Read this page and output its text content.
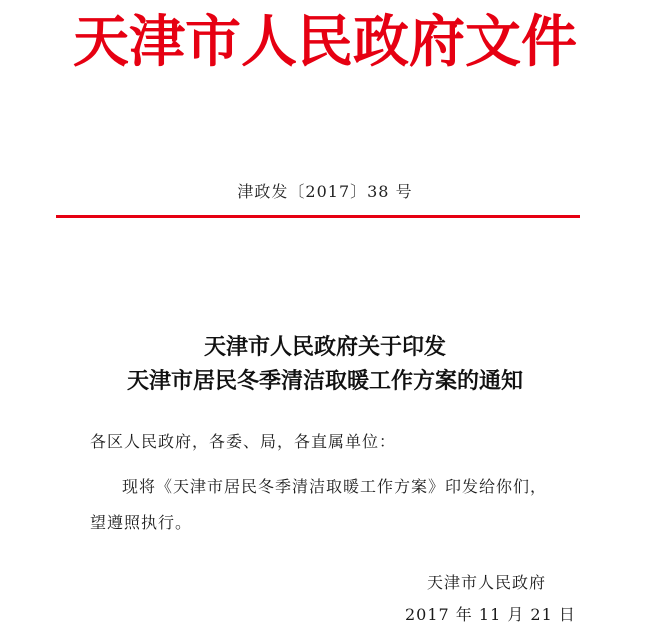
天津市人民政府文件
津政发〔2017〕38 号
天津市人民政府关于印发
天津市居民冬季清洁取暖工作方案的通知
各区人民政府，各委、局，各直属单位：
现将《天津市居民冬季清洁取暖工作方案》印发给你们，
望遵照执行。
天津市人民政府
2017 年 11 月 21 日
